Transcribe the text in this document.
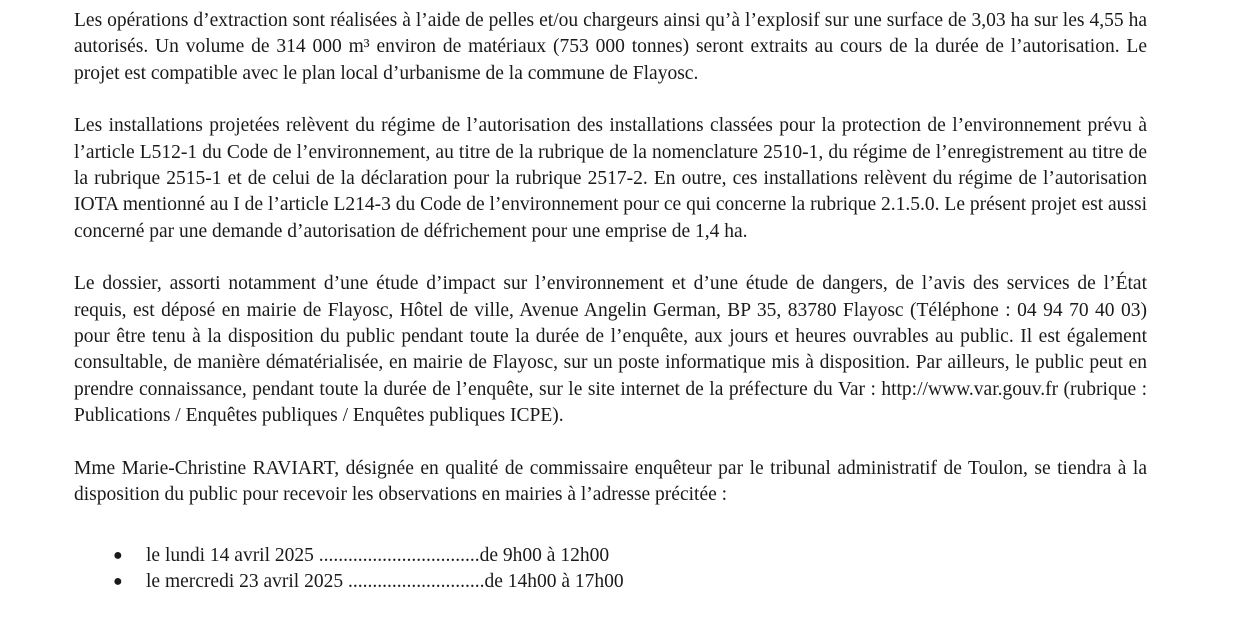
Les opérations d’extraction sont réalisées à l’aide de pelles et/ou chargeurs ainsi qu’à l’explosif sur une surface de 3,03 ha sur les 4,55 ha autorisés. Un volume de 314 000 m³ environ de matériaux (753 000 tonnes) seront extraits au cours de la durée de l’autorisation. Le projet est compatible avec le plan local d’urbanisme de la commune de Flayosc.

Les installations projetées relèvent du régime de l’autorisation des installations classées pour la protection de l’environnement prévu à l’article L512-1 du Code de l’environnement, au titre de la rubrique de la nomenclature 2510-1, du régime de l’enregistrement au titre de la rubrique 2515-1 et de celui de la déclaration pour la rubrique 2517-2. En outre, ces installations relèvent du régime de l’autorisation IOTA mentionné au I de l’article L214-3 du Code de l’environnement pour ce qui concerne la rubrique 2.1.5.0. Le présent projet est aussi concerné par une demande d’autorisation de défrichement pour une emprise de 1,4 ha.

Le dossier, assorti notamment d’une étude d’impact sur l’environnement et d’une étude de dangers, de l’avis des services de l’État requis, est déposé en mairie de Flayosc, Hôtel de ville, Avenue Angelin German, BP 35, 83780 Flayosc (Téléphone : 04 94 70 40 03) pour être tenu à la disposition du public pendant toute la durée de l’enquête, aux jours et heures ouvrables au public. Il est également consultable, de manière dématérialisée, en mairie de Flayosc, sur un poste informatique mis à disposition. Par ailleurs, le public peut en prendre connaissance, pendant toute la durée de l’enquête, sur le site internet de la préfecture du Var : http://www.var.gouv.fr (rubrique : Publications / Enquêtes publiques / Enquêtes publiques ICPE).

Mme Marie-Christine RAVIART, désignée en qualité de commissaire enquêteur par le tribunal administratif de Toulon, se tiendra à la disposition du public pour recevoir les observations en mairies à l’adresse précitée :

● le lundi 14 avril 2025 .................................de 9h00 à 12h00
● le mercredi 23 avril 2025 ............................de 14h00 à 17h00
